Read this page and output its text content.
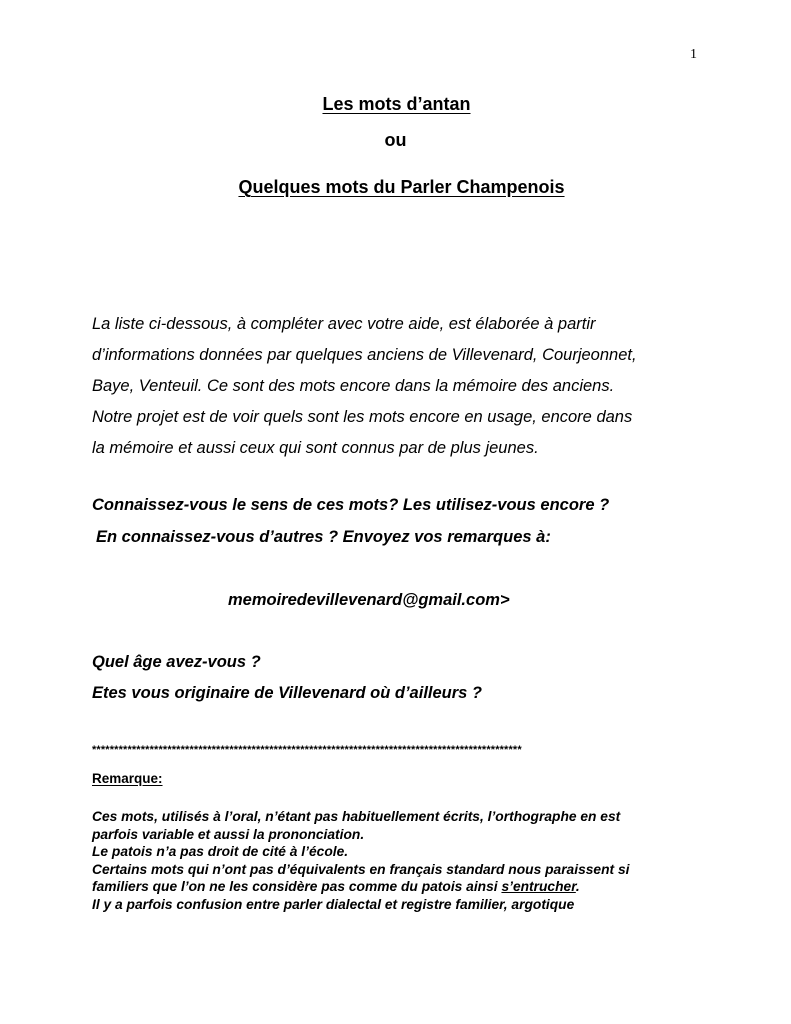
1
Les mots d’antan
ou
Quelques mots du Parler Champenois
La liste ci-dessous, à compléter avec votre aide, est élaborée à partir
d’informations données par quelques anciens de Villevenard, Courjeonnet,
Baye, Venteuil. Ce sont des mots encore dans la mémoire des anciens.
Notre projet est de voir quels sont les mots encore en usage, encore dans
la mémoire et aussi ceux qui sont connus par de plus jeunes.
Connaissez-vous le sens de ces mots? Les utilisez-vous encore ?
En connaissez-vous d’autres ? Envoyez vos remarques à:
memoiredevillevenard@gmail.com>
Quel âge avez-vous ?
Etes vous originaire de Villevenard où d’ailleurs ?
*************************************************************************************************
Remarque:
Ces mots, utilisés à l’oral, n’étant pas habituellement écrits, l’orthographe en est
parfois variable et aussi la prononciation.
Le patois n’a pas droit de cité à l’école.
Certains mots qui n’ont pas d’équivalents en français standard nous paraissent si
familiers que l’on ne les considère pas comme du patois ainsi s’entrucher.
Il y a parfois confusion entre parler dialectal et registre familier, argotique
